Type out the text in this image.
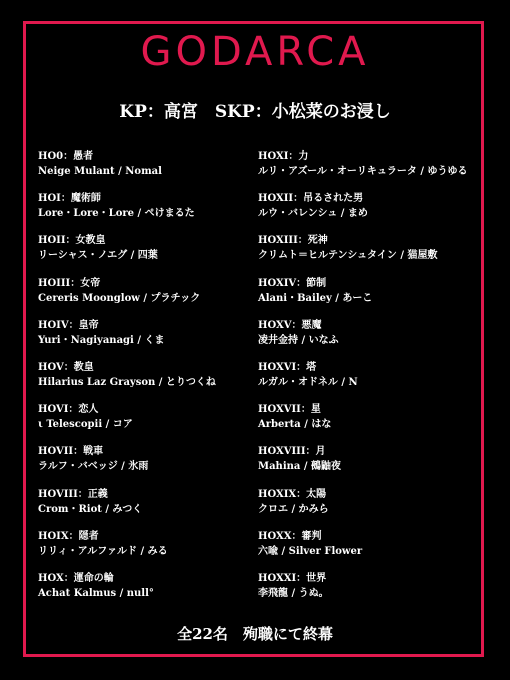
GODARCA
KP：高宮　SKP：小松菜のお浸し
HO0：愚者
Neige Mulant / Nomal
HOI：魔術師
Lore・Lore・Lore / ぺけまるた
HOII：女教皇
リーシャス・ノエグ / 四葉
HOIII：女帝
Cereris Moonglow / プラチック
HOIV：皇帝
Yuri・Nagiyanagi / くま
HOV：教皇
Hilarius Laz Grayson / とりつくね
HOVI：恋人
ι Telescopii / コア
HOVII：戦車
ラルフ・バベッジ / 氷雨
HOVIII：正義
Crom・Riot / みつく
HOIX：隠者
リリィ・アルファルド / みる
HOX：運命の輪
Achat Kalmus / null°
HOXI：力
ルリ・アズール・オーリキュラータ / ゆうゆる
HOXII：吊るされた男
ルウ・バレンシュ / まめ
HOXIII：死神
クリムト＝ヒルテンシュタイン / 猫屋敷
HOXIV：節制
Alani・Bailey / あーこ
HOXV：悪魔
凌井金持 / いなふ
HOXVI：塔
ルガル・オドネル / N
HOXVII：星
Arberta / はな
HOXVIII：月
Mahina / 鵺鼬夜
HOXIX：太陽
クロエ / かみら
HOXX：審判
六喩 / Silver Flower
HOXXI：世界
李飛龍 / うぬ。
全22名　殉職にて終幕
